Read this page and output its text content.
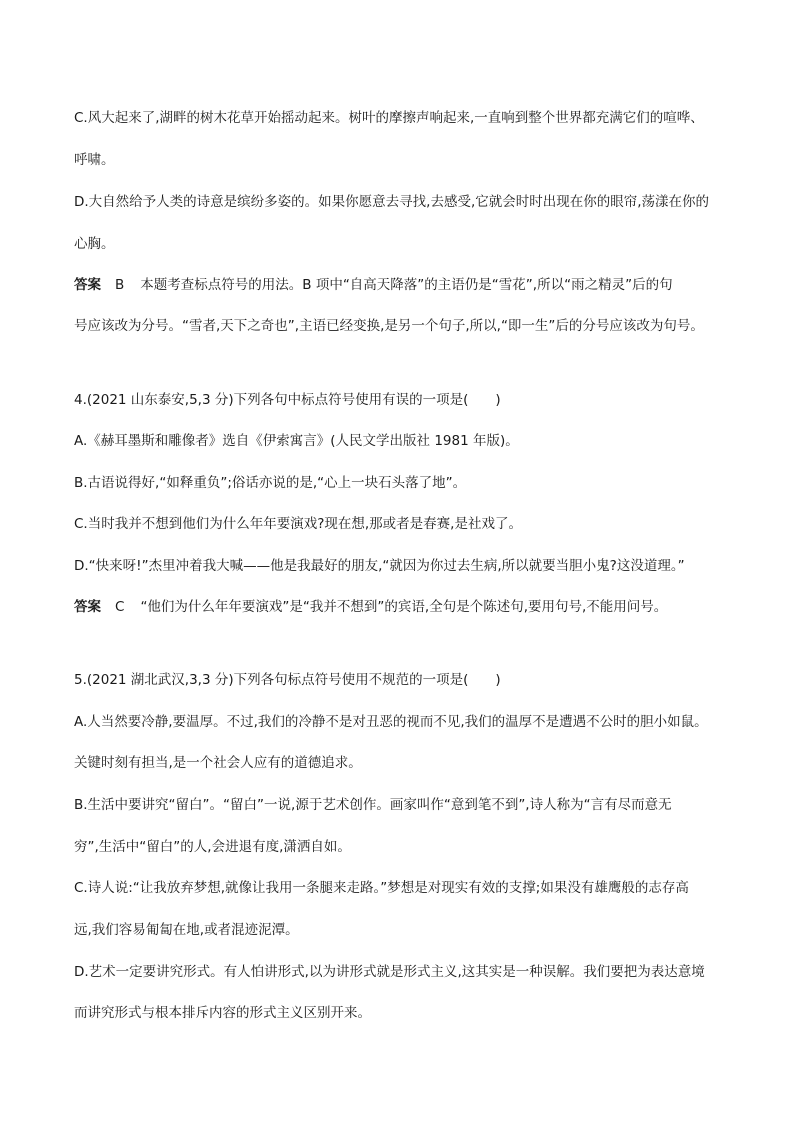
C.风大起来了,湖畔的树木花草开始摇动起来。树叶的摩擦声响起来,一直响到整个世界都充满它们的喧哗、
呼啸。
D.大自然给予人类的诗意是缤纷多姿的。如果你愿意去寻找,去感受,它就会时时出现在你的眼帘,荡漾在你的
心胸。
答案 B 本题考查标点符号的用法。B 项中“自高天降落”的主语仍是“雪花”,所以“雨之精灵”后的句
号应该改为分号。“雪者,天下之奇也”,主语已经变换,是另一个句子,所以,“即一生”后的分号应该改为句号。
4.(2021 山东泰安,5,3 分)下列各句中标点符号使用有误的一项是(　　)
A.《赫耳墨斯和雕像者》选自《伊索寓言》(人民文学出版社 1981 年版)。
B.古语说得好,“如释重负”;俗话亦说的是,“心上一块石头落了地”。
C.当时我并不想到他们为什么年年要演戏?现在想,那或者是春赛,是社戏了。
D.“快来呀!”杰里冲着我大喊——他是我最好的朋友,“就因为你过去生病,所以就要当胆小鬼?这没道理。”
答案 C “他们为什么年年要演戏”是“我并不想到”的宾语,全句是个陈述句,要用句号,不能用问号。
5.(2021 湖北武汉,3,3 分)下列各句标点符号使用不规范的一项是(　　)
A.人当然要冷静,要温厚。不过,我们的冷静不是对丑恶的视而不见,我们的温厚不是遭遇不公时的胆小如鼠。
关键时刻有担当,是一个社会人应有的道德追求。
B.生活中要讲究“留白”。“留白”一说,源于艺术创作。画家叫作“意到笔不到”,诗人称为“言有尽而意无
穷”,生活中“留白”的人,会进退有度,潇洒自如。
C.诗人说:“让我放弃梦想,就像让我用一条腿来走路。”梦想是对现实有效的支撑;如果没有雄鹰般的志存高
远,我们容易匍匐在地,或者混迹泥潭。
D.艺术一定要讲究形式。有人怕讲形式,以为讲形式就是形式主义,这其实是一种误解。我们要把为表达意境
而讲究形式与根本排斥内容的形式主义区别开来。
